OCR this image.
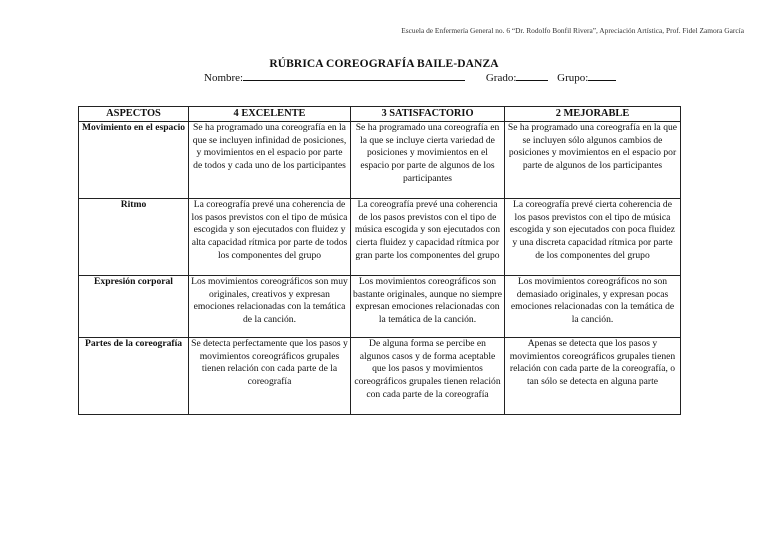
Escuela de Enfermería General no. 6 “Dr. Rodolfo Bonfil Rivera”, Apreciación Artística, Prof. Fidel Zamora García
RÚBRICA COREOGRAFÍA BAILE-DANZA
Nombre:	Grado:	Grupo:
ASPECTOS	4 EXCELENTE	3 SATISFACTORIO	2 MEJORABLE
Movimiento en el espacio	Se ha programado una coreografía en la que se incluyen infinidad de posiciones, y movimientos en el espacio por parte de todos y cada uno de los participantes	Se ha programado una coreografía en la que se incluye cierta variedad de posiciones y movimientos en el espacio por parte de algunos de los participantes	Se ha programado una coreografía en la que se incluyen sólo algunos cambios de posiciones y movimientos en el espacio por parte de algunos de los participantes
Ritmo	La coreografía prevé una coherencia de los pasos previstos con el tipo de música escogida y son ejecutados con fluidez y alta capacidad rítmica por parte de todos los componentes del grupo	La coreografía prevé una coherencia de los pasos previstos con el tipo de música escogida y son ejecutados con cierta fluidez y capacidad rítmica por gran parte los componentes del grupo	La coreografía prevé cierta coherencia de los pasos previstos con el tipo de música escogida y son ejecutados con poca fluidez y una discreta capacidad rítmica por parte de los componentes del grupo
Expresión corporal	Los movimientos coreográficos son muy originales, creativos y expresan emociones relacionadas con la temática de la canción.	Los movimientos coreográficos son bastante originales, aunque no siempre expresan emociones relacionadas con la temática de la canción.	Los movimientos coreográficos no son demasiado originales, y expresan pocas emociones relacionadas con la temática de la canción.
Partes de la coreografía	Se detecta perfectamente que los pasos y movimientos coreográficos grupales tienen relación con cada parte de la coreografía	De alguna forma se percibe en algunos casos y de forma aceptable que los pasos y movimientos coreográficos grupales tienen relación con cada parte de la coreografía	Apenas se detecta que los pasos y movimientos coreográficos grupales tienen relación con cada parte de la coreografía, o tan sólo se detecta en alguna parte
